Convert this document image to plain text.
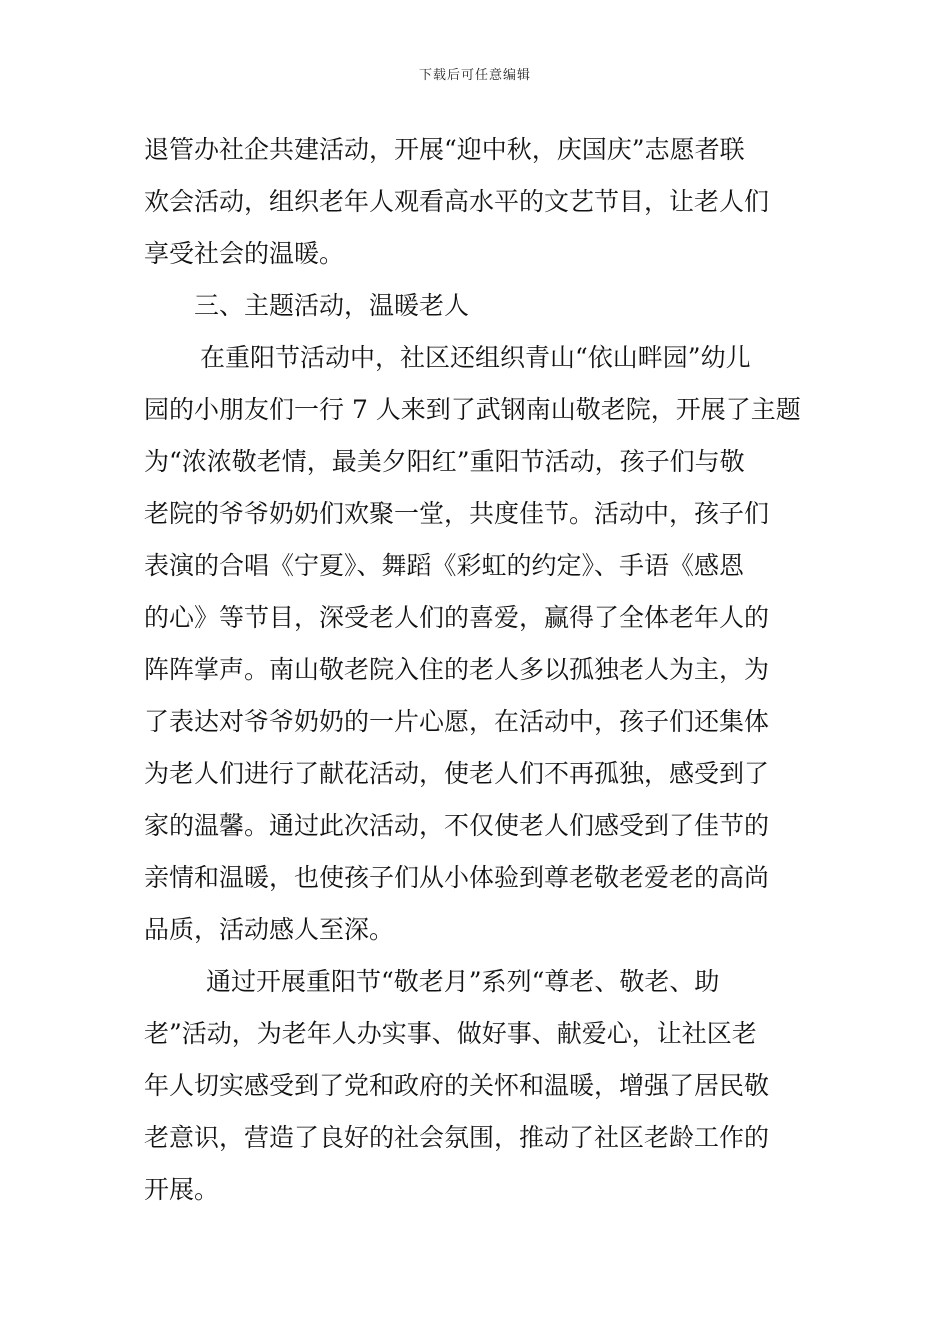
下载后可任意编辑
退管办社企共建活动，开展“迎中秋，庆国庆”志愿者联
欢会活动，组织老年人观看高水平的文艺节目，让老人们
享受社会的温暖。
三、主题活动，温暖老人
在重阳节活动中，社区还组织青山“依山畔园”幼儿
园的小朋友们一行 7 人来到了武钢南山敬老院，开展了主题
为“浓浓敬老情，最美夕阳红”重阳节活动，孩子们与敬
老院的爷爷奶奶们欢聚一堂，共度佳节。活动中，孩子们
表演的合唱《宁夏》、舞蹈《彩虹的约定》、手语《感恩
的心》等节目，深受老人们的喜爱，赢得了全体老年人的
阵阵掌声。南山敬老院入住的老人多以孤独老人为主，为
了表达对爷爷奶奶的一片心愿，在活动中，孩子们还集体
为老人们进行了献花活动，使老人们不再孤独，感受到了
家的温馨。通过此次活动，不仅使老人们感受到了佳节的
亲情和温暖，也使孩子们从小体验到尊老敬老爱老的高尚
品质，活动感人至深。
通过开展重阳节“敬老月”系列“尊老、敬老、助
老”活动，为老年人办实事、做好事、献爱心，让社区老
年人切实感受到了党和政府的关怀和温暖，增强了居民敬
老意识，营造了良好的社会氛围，推动了社区老龄工作的
开展。
